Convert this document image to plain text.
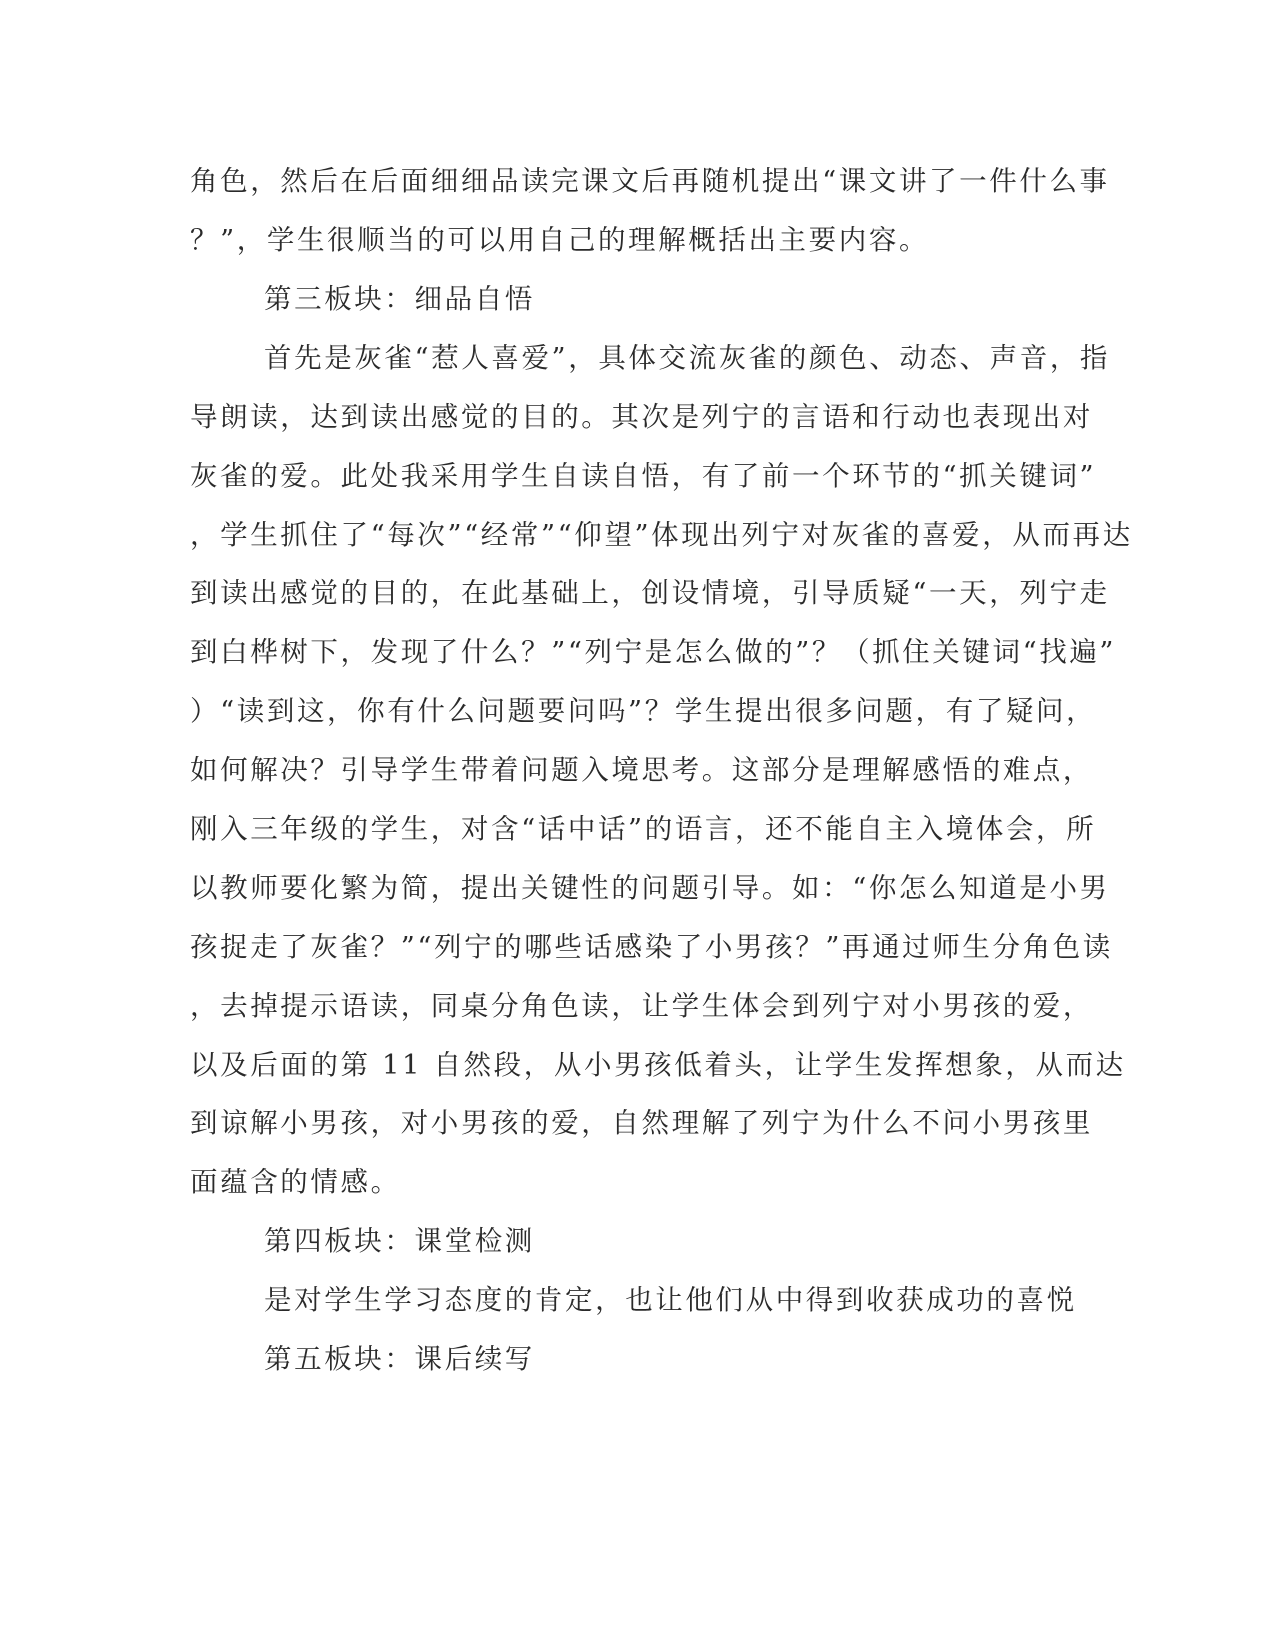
角色，然后在后面细细品读完课文后再随机提出“课文讲了一件什么事
？”，学生很顺当的可以用自己的理解概括出主要内容。
第三板块：细品自悟
首先是灰雀“惹人喜爱”，具体交流灰雀的颜色、动态、声音，指
导朗读，达到读出感觉的目的。其次是列宁的言语和行动也表现出对
灰雀的爱。此处我采用学生自读自悟，有了前一个环节的“抓关键词”
，学生抓住了“每次”“经常”“仰望”体现出列宁对灰雀的喜爱，从而再达
到读出感觉的目的，在此基础上，创设情境，引导质疑“一天，列宁走
到白桦树下，发现了什么？”“列宁是怎么做的”？（抓住关键词“找遍”
）“读到这，你有什么问题要问吗”？学生提出很多问题，有了疑问，
如何解决？引导学生带着问题入境思考。这部分是理解感悟的难点，
刚入三年级的学生，对含“话中话”的语言，还不能自主入境体会，所
以教师要化繁为简，提出关键性的问题引导。如：“你怎么知道是小男
孩捉走了灰雀？”“列宁的哪些话感染了小男孩？”再通过师生分角色读
，去掉提示语读，同桌分角色读，让学生体会到列宁对小男孩的爱，
以及后面的第 11 自然段，从小男孩低着头，让学生发挥想象，从而达
到谅解小男孩，对小男孩的爱，自然理解了列宁为什么不问小男孩里
面蕴含的情感。
第四板块：课堂检测
是对学生学习态度的肯定，也让他们从中得到收获成功的喜悦
第五板块：课后续写
